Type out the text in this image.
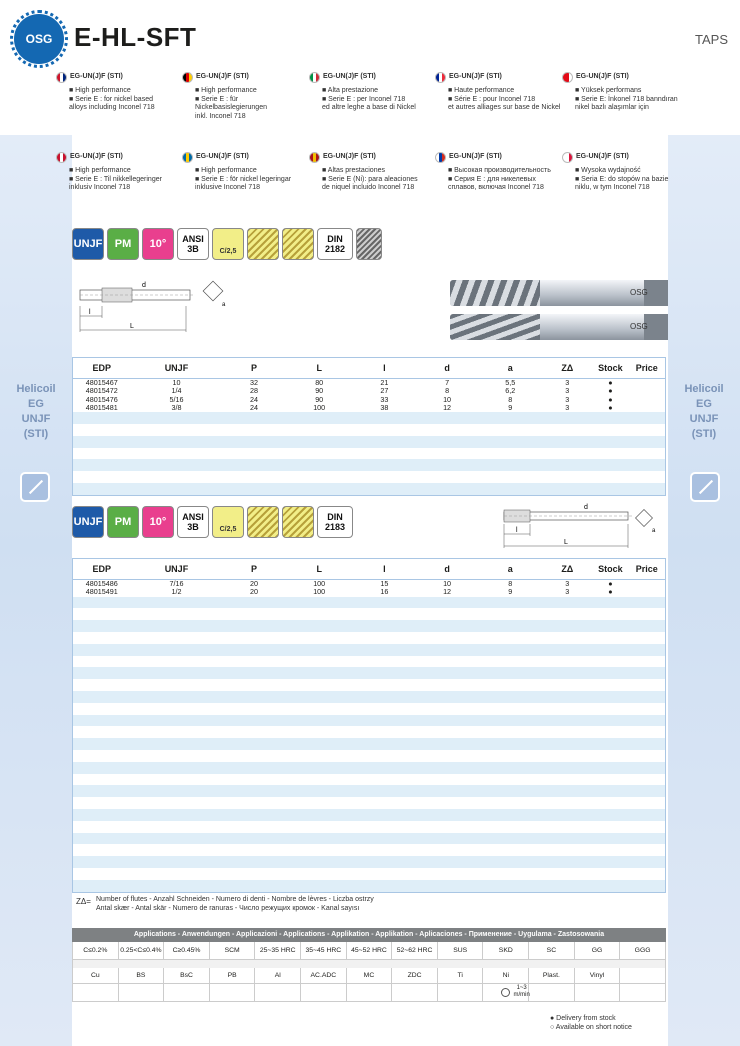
Helicoil
EG
UNJF
(STI)
Helicoil
EG
UNJF
(STI)
OSG E-HL-SFT	TAPS
EG-UN(J)F (STI)
■ High performance
■ Serie E : for nickel based
alloys including Inconel 718
EG-UN(J)F (STI)
■ High performance
■ Serie E : für Nickelbasislegierungen
inkl. Inconel 718
EG-UN(J)F (STI)
■ Alta prestazione
■ Serie E : per Inconel 718
ed altre leghe a base di Nickel
EG-UN(J)F (STI)
■ Haute performance
■ Série E : pour Inconel 718
et autres alliages sur base de Nickel
EG-UN(J)F (STI)
■ Yüksek performans
■ Serie E: İnkonel 718 banndıran
nikel bazlı alaşımlar için
EG-UN(J)F (STI)
■ High performance
■ Serie E : Til nikkellegeringer
inklusiv Inconel 718
EG-UN(J)F (STI)
■ High performance
■ Serie E : för nickel legeringar
inklusive Inconel 718
EG-UN(J)F (STI)
■ Altas prestaciones
■ Serie E (Ni): para aleaciones
de niquel incluido Inconel 718
EG-UN(J)F (STI)
■ Высокая производительность
■ Серия E : для никелевых
сплавов, включая Inconel 718
EG-UN(J)F (STI)
■ Wysoka wydajność
■ Seria E: do stopów na bazie
niklu, w tym Inconel 718
UNJF	PM	10°	ANSI
3B	C/2,5
DIN
2182
l
L
d
a
OSG
OSG
EDP	UNJF	P	L	l	d	a	ZΔ	Stock	Price
48015467	10	32	80	21	7	5,5	3	●
48015472	1/4	28	90	27	8	6,2	3	●
48015476	5/16	24	90	33	10	8	3	●
48015481	3/8	24	100	38	12	9	3	●
UNJF	PM	10°	ANSI
3B	C/2,5
DIN
2183	l
L
d
a
EDP	UNJF	P	L	l	d	a	ZΔ	Stock	Price
48015486	7/16	20	100	15	10	8	3	●
48015491	1/2	20	100	16	12	9	3	●
ZΔ= Number of flutes - Anzahl Schneiden - Numero di denti - Nombre de lèvres - Liczba ostrzy
Antal skær - Antal skär - Numero de ranuras - Число режущих кромок - Kanal sayısı
Applications - Anwendungen - Applicazioni - Applications - Applikation - Applikation - Aplicaciones - Применение - Uygulama - Zastosowania
C≤0.2%	0.25<C≤0.4%	C≥0.45%	SCM	25~35 HRC	35~45 HRC	45~52 HRC	52~62 HRC	SUS	SKD	SC	GG	GGG
Cu	BS	BsC	PB	Al	AC.ADC	MC	ZDC	Ti	Ni	Plast.	Vinyl
1~3
m/min
● Delivery from stock
○ Available on short notice
